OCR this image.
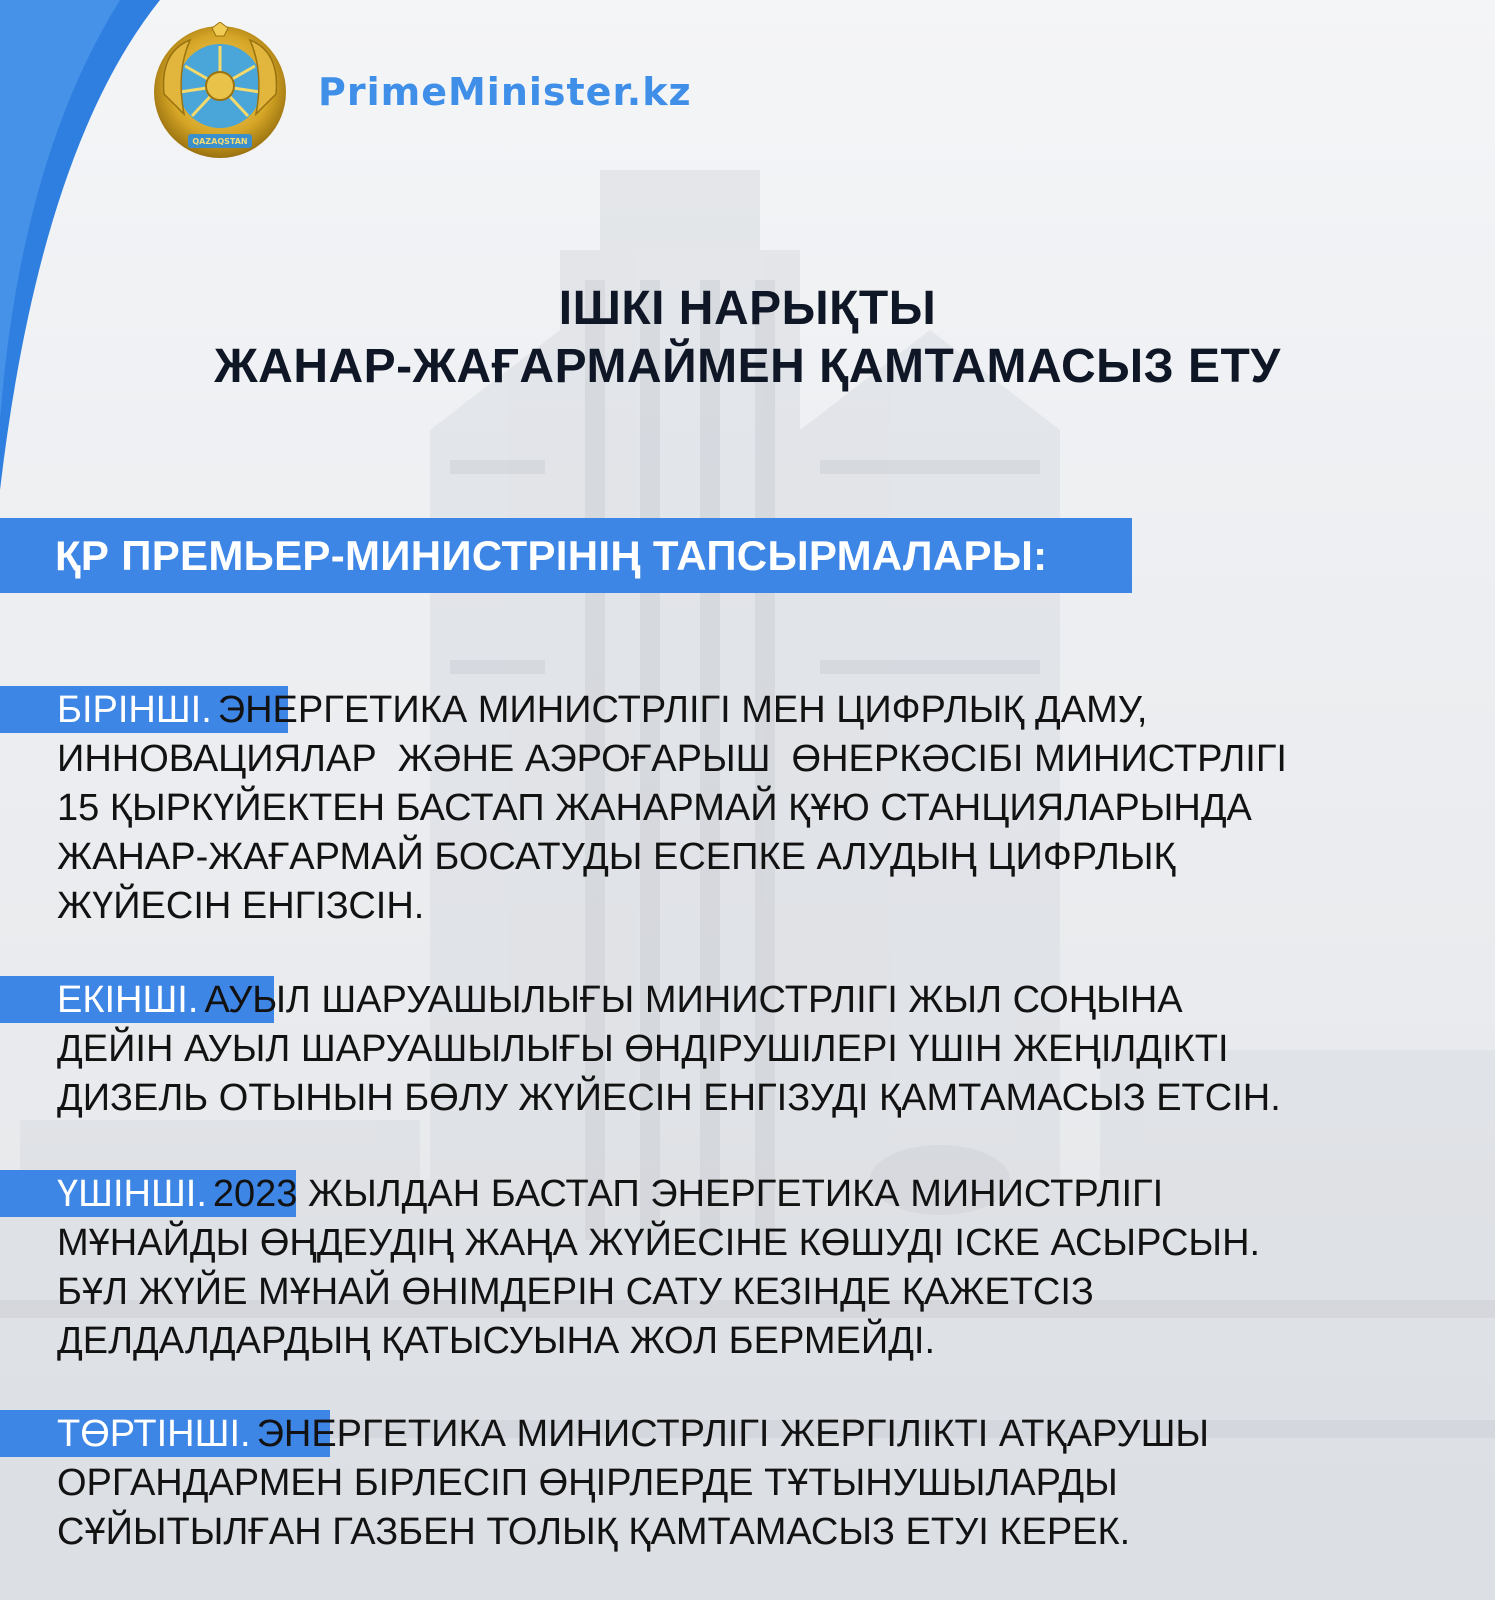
QAZAQSTAN
PrimeMinister.kz
ІШКІ НАРЫҚТЫ
ЖАНАР-ЖАҒАРМАЙМЕН ҚАМТАМАСЫЗ ЕТУ
ҚР ПРЕМЬЕР-МИНИСТРІНІҢ ТАПСЫРМАЛАРЫ:
БІРІНШІ. ЭНЕРГЕТИКА МИНИСТРЛІГІ МЕН ЦИФРЛЫҚ ДАМУ,
ИННОВАЦИЯЛАР  ЖӘНЕ АЭРОҒАРЫШ  ӨНЕРКӘСІБІ МИНИСТРЛІГІ
15 ҚЫРКҮЙЕКТЕН БАСТАП ЖАНАРМАЙ ҚҰЮ СТАНЦИЯЛАРЫНДА
ЖАНАР-ЖАҒАРМАЙ БОСАТУДЫ ЕСЕПКЕ АЛУДЫҢ ЦИФРЛЫҚ
ЖҮЙЕСІН ЕНГІЗСІН.
ЕКІНШІ. АУЫЛ ШАРУАШЫЛЫҒЫ МИНИСТРЛІГІ ЖЫЛ СОҢЫНА
ДЕЙІН АУЫЛ ШАРУАШЫЛЫҒЫ ӨНДІРУШІЛЕРІ ҮШІН ЖЕҢІЛДІКТІ
ДИЗЕЛЬ ОТЫНЫН БӨЛУ ЖҮЙЕСІН ЕНГІЗУДІ ҚАМТАМАСЫЗ ЕТСІН.
ҮШІНШІ. 2023 ЖЫЛДАН БАСТАП ЭНЕРГЕТИКА МИНИСТРЛІГІ
МҰНАЙДЫ ӨҢДЕУДІҢ ЖАҢА ЖҮЙЕСІНЕ КӨШУДІ ІСКЕ АСЫРСЫН.
БҰЛ ЖҮЙЕ МҰНАЙ ӨНІМДЕРІН САТУ КЕЗІНДЕ ҚАЖЕТСІЗ
ДЕЛДАЛДАРДЫҢ ҚАТЫСУЫНА ЖОЛ БЕРМЕЙДІ.
ТӨРТІНШІ. ЭНЕРГЕТИКА МИНИСТРЛІГІ ЖЕРГІЛІКТІ АТҚАРУШЫ
ОРГАНДАРМЕН БІРЛЕСІП ӨҢІРЛЕРДЕ ТҰТЫНУШЫЛАРДЫ
СҰЙЫТЫЛҒАН ГАЗБЕН ТОЛЫҚ ҚАМТАМАСЫЗ ЕТУІ КЕРЕК.
